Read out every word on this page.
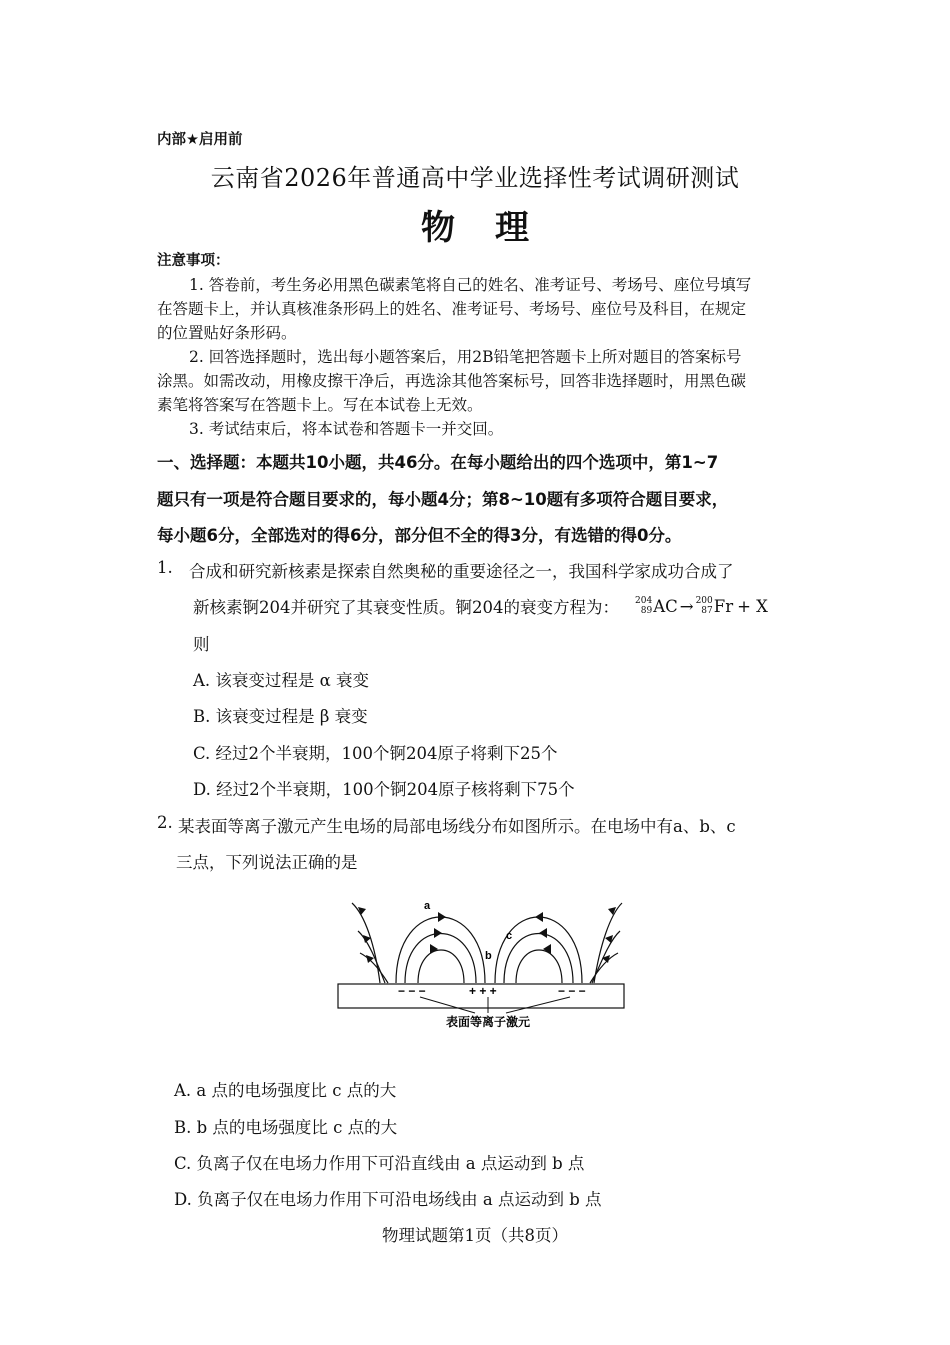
内部★启用前
云南省2026年普通高中学业选择性考试调研测试
物理
注意事项：
1. 答卷前，考生务必用黑色碳素笔将自己的姓名、准考证号、考场号、座位号填写
在答题卡上，并认真核准条形码上的姓名、准考证号、考场号、座位号及科目，在规定
的位置贴好条形码。
2. 回答选择题时，选出每小题答案后，用2B铅笔把答题卡上所对题目的答案标号
涂黑。如需改动，用橡皮擦干净后，再选涂其他答案标号，回答非选择题时，用黑色碳
素笔将答案写在答题卡上。写在本试卷上无效。
3. 考试结束后，将本试卷和答题卡一并交回。
一、选择题：本题共10小题，共46分。在每小题给出的四个选项中，第1~7
题只有一项是符合题目要求的，每小题4分；第8~10题有多项符合题目要求，
每小题6分，全部选对的得6分，部分但不全的得3分，有选错的得0分。
1. 合成和研究新核素是探索自然奥秘的重要途径之一，我国科学家成功合成了
新核素锕204并研究了其衰变性质。锕204的衰变方程为： 204
89 AC → 200
87 Fr + X
则
A. 该衰变过程是 α 衰变
B. 该衰变过程是 β 衰变
C. 经过2个半衰期，100个锕204原子将剩下25个
D. 经过2个半衰期，100个锕204原子核将剩下75个
2. 某表面等离子激元产生电场的局部电场线分布如图所示。在电场中有a、b、c
三点，下列说法正确的是
a
b
c
− − −	+ + +	− − −
表面等离子激元
A. a 点的电场强度比 c 点的大
B. b 点的电场强度比 c 点的大
C. 负离子仅在电场力作用下可沿直线由 a 点运动到 b 点
D. 负离子仅在电场力作用下可沿电场线由 a 点运动到 b 点
物理试题第1页（共8页）
